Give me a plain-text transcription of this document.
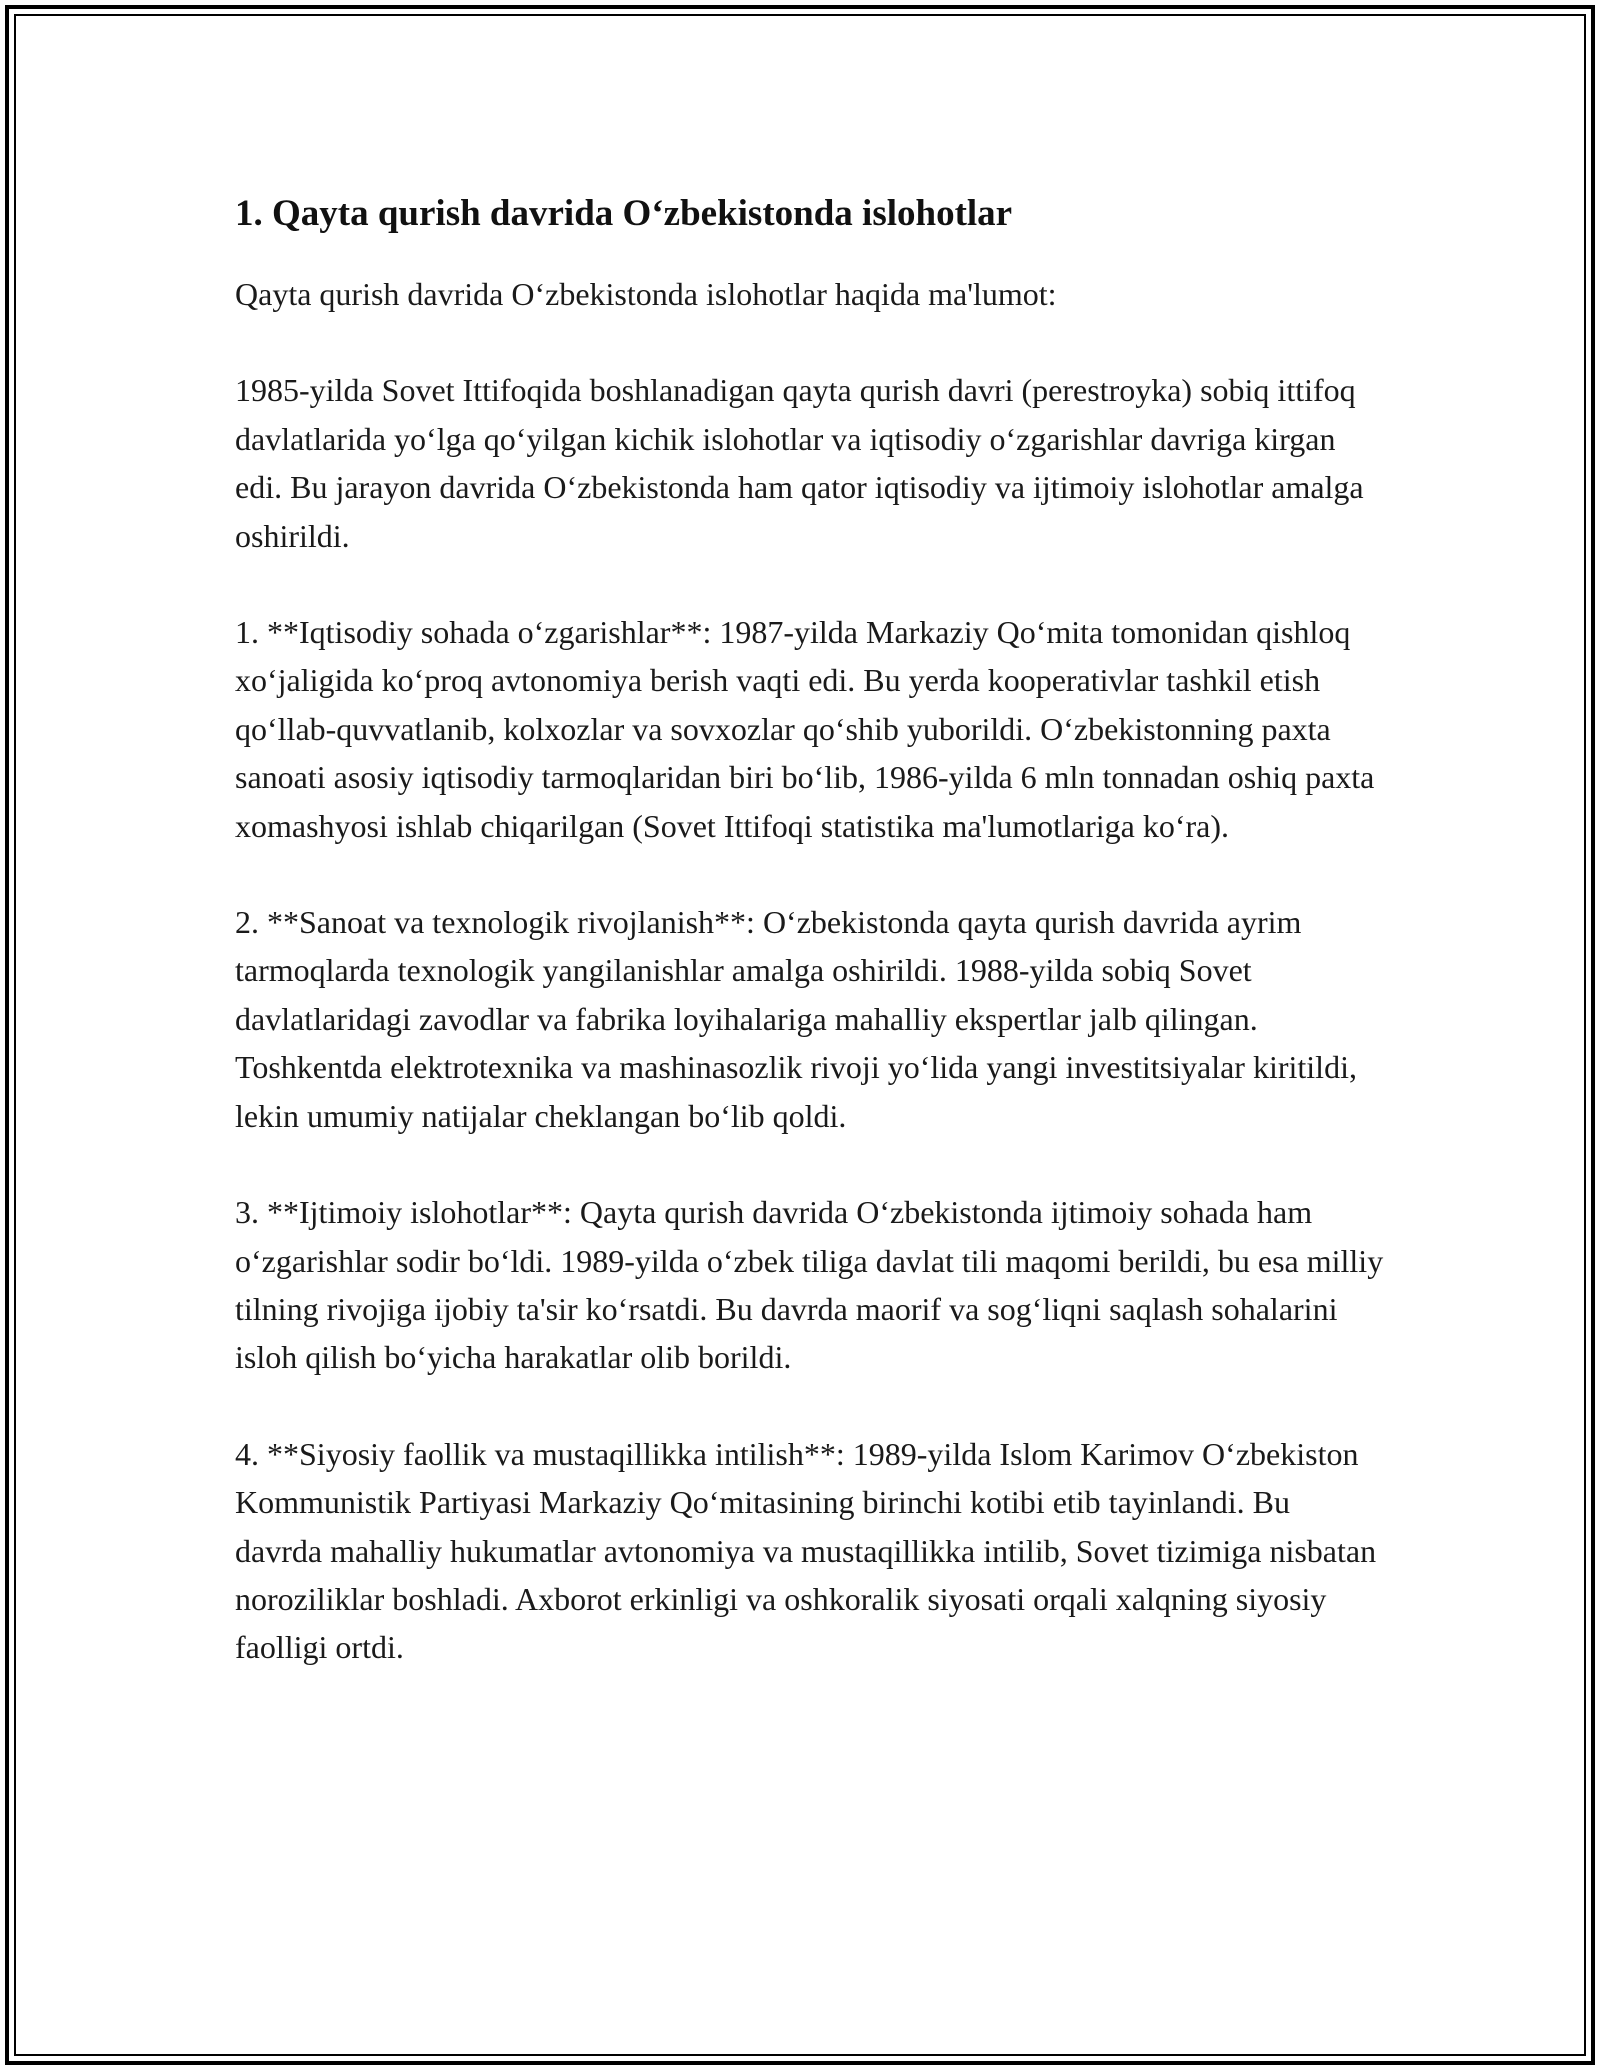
1. Qayta qurish davrida O‘zbekistonda islohotlar

Qayta qurish davrida O‘zbekistonda islohotlar haqida ma'lumot:

1985-yilda Sovet Ittifoqida boshlanadigan qayta qurish davri (perestroyka) sobiq ittifoq davlatlarida yo‘lga qo‘yilgan kichik islohotlar va iqtisodiy o‘zgarishlar davriga kirgan edi. Bu jarayon davrida O‘zbekistonda ham qator iqtisodiy va ijtimoiy islohotlar amalga oshirildi.

1. **Iqtisodiy sohada o‘zgarishlar**: 1987-yilda Markaziy Qo‘mita tomonidan qishloq xo‘jaligida ko‘proq avtonomiya berish vaqti edi. Bu yerda kooperativlar tashkil etish qo‘llab-quvvatlanib, kolxozlar va sovxozlar qo‘shib yuborildi. O‘zbekistonning paxta sanoati asosiy iqtisodiy tarmoqlaridan biri bo‘lib, 1986-yilda 6 mln tonnadan oshiq paxta xomashyosi ishlab chiqarilgan (Sovet Ittifoqi statistika ma'lumotlariga ko‘ra).

2. **Sanoat va texnologik rivojlanish**: O‘zbekistonda qayta qurish davrida ayrim tarmoqlarda texnologik yangilanishlar amalga oshirildi. 1988-yilda sobiq Sovet davlatlaridagi zavodlar va fabrika loyihalariga mahalliy ekspertlar jalb qilingan. Toshkentda elektrotexnika va mashinasozlik rivoji yo‘lida yangi investitsiyalar kiritildi, lekin umumiy natijalar cheklangan bo‘lib qoldi.

3. **Ijtimoiy islohotlar**: Qayta qurish davrida O‘zbekistonda ijtimoiy sohada ham o‘zgarishlar sodir bo‘ldi. 1989-yilda o‘zbek tiliga davlat tili maqomi berildi, bu esa milliy tilning rivojiga ijobiy ta'sir ko‘rsatdi. Bu davrda maorif va sog‘liqni saqlash sohalarini isloh qilish bo‘yicha harakatlar olib borildi.

4. **Siyosiy faollik va mustaqillikka intilish**: 1989-yilda Islom Karimov O‘zbekiston Kommunistik Partiyasi Markaziy Qo‘mitasining birinchi kotibi etib tayinlandi. Bu davrda mahalliy hukumatlar avtonomiya va mustaqillikka intilib, Sovet tizimiga nisbatan noroziliklar boshladi. Axborot erkinligi va oshkoralik siyosati orqali xalqning siyosiy faolligi ortdi.
